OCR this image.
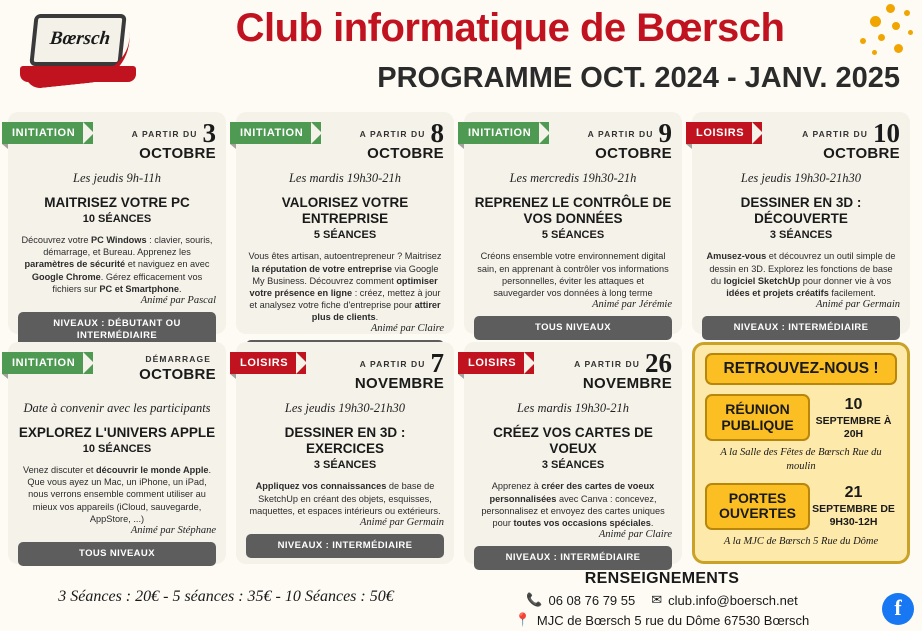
Bœrsch	Club informatique de Bœrsch
PROGRAMME OCT. 2024 - JANV. 2025
INITIATION	A PARTIR DU 3
OCTOBRE
Les jeudis 9h-11h
MAITRISEZ VOTRE PC
10 SÉANCES
Découvrez votre PC Windows : clavier, souris, démarrage, et Bureau. Apprenez les paramètres de sécurité et naviguez en avec Google Chrome. Gérez efficacement vos fichiers sur PC et Smartphone.
Animé par Pascal
NIVEAUX : DÉBUTANT OU INTERMÉDIAIRE
INITIATION	A PARTIR DU 8
OCTOBRE
Les mardis 19h30-21h
VALORISEZ VOTRE ENTREPRISE
5 SÉANCES
Vous êtes artisan, autoentrepreneur ? Maitrisez la réputation de votre entreprise via Google My Business. Découvrez comment optimiser votre présence en ligne : créez, mettez à jour et analysez votre fiche d'entreprise pour attirer plus de clients.
Animé par Claire
INITIATION	A PARTIR DU 9
OCTOBRE
Les mercredis 19h30-21h
REPRENEZ LE CONTRÔLE DE VOS DONNÉES
5 SÉANCES
Créons ensemble votre environnement digital sain, en apprenant à contrôler vos informations personnelles, éviter les attaques et sauvegarder vos données à long terme
Animé par Jérémie
TOUS NIVEAUX
LOISIRS	A PARTIR DU 10
OCTOBRE
Les jeudis 19h30-21h30
DESSINER EN 3D : DÉCOUVERTE
3 SÉANCES
Amusez-vous et découvrez un outil simple de dessin en 3D. Explorez les fonctions de base du logiciel SketchUp pour donner vie à vos idées et projets créatifs facilement.
Animé par Germain
NIVEAUX : INTERMÉDIAIRE
INITIATION	DÉMARRAGE
OCTOBRE
Date à convenir avec les participants
EXPLOREZ L'UNIVERS APPLE
10 SÉANCES
Venez discuter et découvrir le monde Apple. Que vous ayez un Mac, un iPhone, un iPad, nous verrons ensemble comment utiliser au mieux vos appareils (iCloud, sauvegarde, AppStore, ...)
Animé par Stéphane
TOUS NIVEAUX
LOISIRS	A PARTIR DU 7
NOVEMBRE
Les jeudis 19h30-21h30
DESSINER EN 3D : EXERCICES
3 SÉANCES
Appliquez vos connaissances de base de SketchUp en créant des objets, esquisses, maquettes, et espaces intérieurs ou extérieurs.
Animé par Germain
NIVEAUX : INTERMÉDIAIRE
LOISIRS	A PARTIR DU 26
NOVEMBRE
Les mardis 19h30-21h
CRÉEZ VOS CARTES DE VOEUX
3 SÉANCES
Apprenez à créer des cartes de voeux personnalisées avec Canva : concevez, personnalisez et envoyez des cartes uniques pour toutes vos occasions spéciales.
Animé par Claire
NIVEAUX : INTERMÉDIAIRE
RETROUVEZ-NOUS !
RÉUNION PUBLIQUE
10
SEPTEMBRE À 20H
A la Salle des Fêtes de Bœrsch Rue du moulin
PORTES OUVERTES
21
SEPTEMBRE DE 9H30-12H
A la MJC de Bœrsch 5 Rue du Dôme
3 Séances : 20€ - 5 séances : 35€ - 10 Séances : 50€
RENSEIGNEMENTS
📞 06 08 76 79 55 ✉ club.info@boersch.net
📍 MJC de Bœrsch 5 rue du Dôme 67530 Bœrsch	f
